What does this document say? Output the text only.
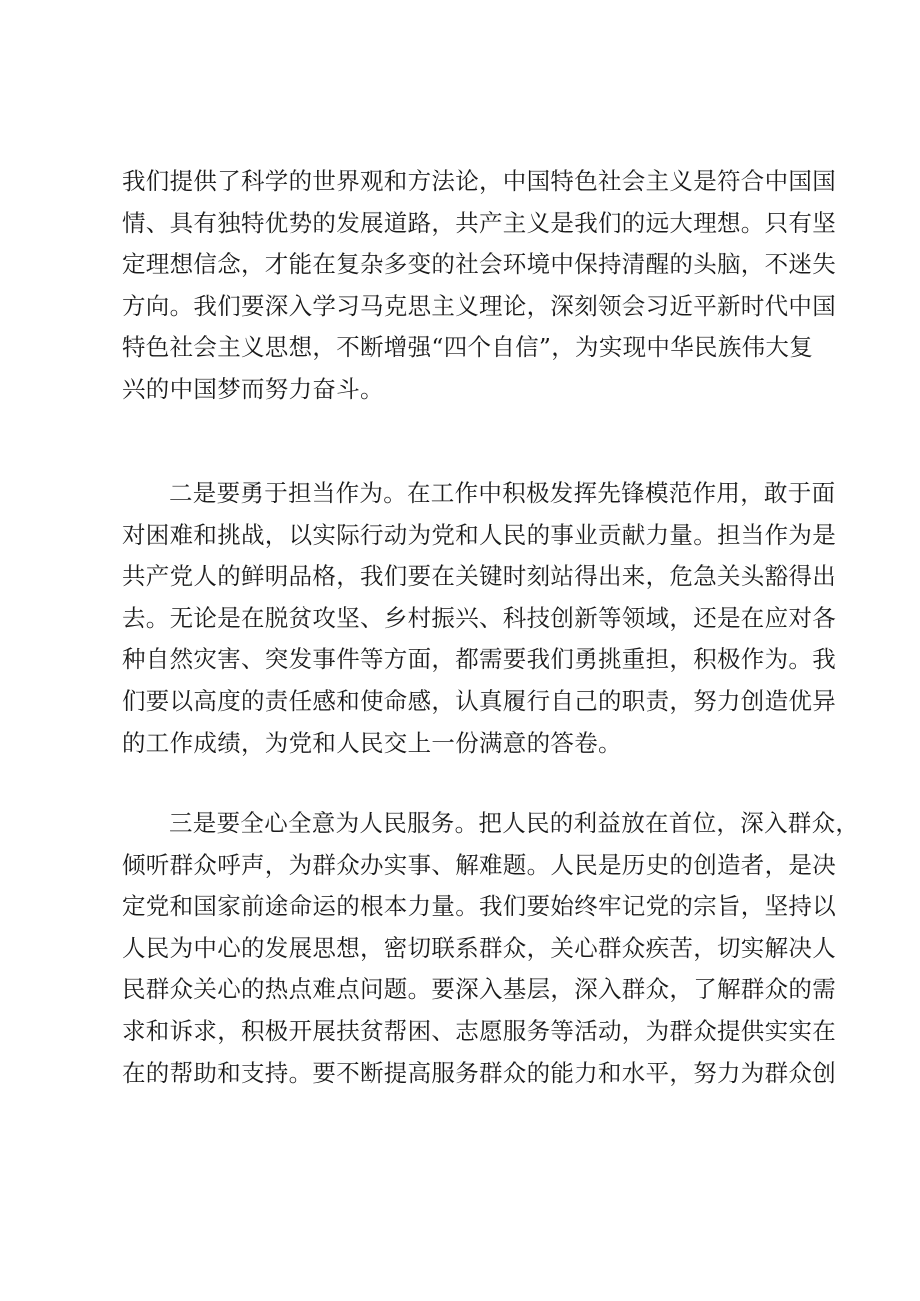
我们提供了科学的世界观和方法论，中国特色社会主义是符合中国国
情、具有独特优势的发展道路，共产主义是我们的远大理想。只有坚
定理想信念，才能在复杂多变的社会环境中保持清醒的头脑，不迷失
方向。我们要深入学习马克思主义理论，深刻领会习近平新时代中国
特色社会主义思想，不断增强“四个自信”，为实现中华民族伟大复
兴的中国梦而努力奋斗。
二是要勇于担当作为。在工作中积极发挥先锋模范作用，敢于面
对困难和挑战，以实际行动为党和人民的事业贡献力量。担当作为是
共产党人的鲜明品格，我们要在关键时刻站得出来，危急关头豁得出
去。无论是在脱贫攻坚、乡村振兴、科技创新等领域，还是在应对各
种自然灾害、突发事件等方面，都需要我们勇挑重担，积极作为。我
们要以高度的责任感和使命感，认真履行自己的职责，努力创造优异
的工作成绩，为党和人民交上一份满意的答卷。
三是要全心全意为人民服务。把人民的利益放在首位，深入群众，
倾听群众呼声，为群众办实事、解难题。人民是历史的创造者，是决
定党和国家前途命运的根本力量。我们要始终牢记党的宗旨，坚持以
人民为中心的发展思想，密切联系群众，关心群众疾苦，切实解决人
民群众关心的热点难点问题。要深入基层，深入群众，了解群众的需
求和诉求，积极开展扶贫帮困、志愿服务等活动，为群众提供实实在
在的帮助和支持。要不断提高服务群众的能力和水平，努力为群众创
